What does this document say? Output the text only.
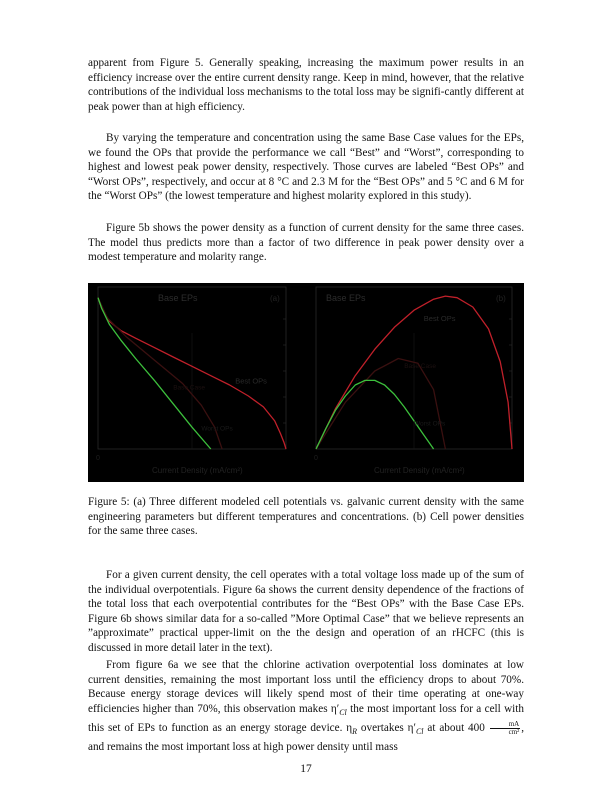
apparent from Figure 5. Generally speaking, increasing the maximum power results in an efficiency increase over the entire current density range. Keep in mind, however, that the relative contributions of the individual loss mechanisms to the total loss may be signifi-cantly different at peak power than at high efficiency.

By varying the temperature and concentration using the same Base Case values for the EPs, we found the OPs that provide the performance we call “Best” and “Worst”, corresponding to highest and lowest peak power density, respectively. Those curves are labeled “Best OPs” and “Worst OPs”, respectively, and occur at 8 °C and 2.3 M for the “Best OPs” and 5 °C and 6 M for the “Worst OPs” (the lowest temperature and highest molarity explored in this study).

Figure 5b shows the power density as a function of current density for the same three cases. The model thus predicts more than a factor of two difference in peak power density over a modest temperature and molarity range.

Base EPs	(a)
Best OPs
Base Case
Worst OPs
0
Current Density (mA/cm²)
Base EPs	(b)
Best OPs
Base Case
Worst OPs
0
Current Density (mA/cm²)

Figure 5: (a) Three different modeled cell potentials vs. galvanic current density with the same engineering parameters but different temperatures and concentrations. (b) Cell power densities for the same three cases.

For a given current density, the cell operates with a total voltage loss made up of the sum of the individual overpotentials. Figure 6a shows the current density dependence of the fractions of the total loss that each overpotential contributes for the “Best OPs” with the Base Case EPs. Figure 6b shows similar data for a so-called ”More Optimal Case” that we believe represents an ”approximate” practical upper-limit on the the design and operation of an rHCFC (this is discussed in more detail later in the text).

From figure 6a we see that the chlorine activation overpotential loss dominates at low current densities, remaining the most important loss until the efficiency drops to about 70%. Because energy storage devices will likely spend most of their time operating at one-way efficiencies higher than 70%, this observation makes $\eta'_{Cl}$ the most important loss for a cell with this set of EPs to function as an energy storage device. $\eta_R$ overtakes $\eta'_{Cl}$ at about $400 \frac{mA}{\text{cm²}}$ , and remains the most important loss at high power density until mass

17
